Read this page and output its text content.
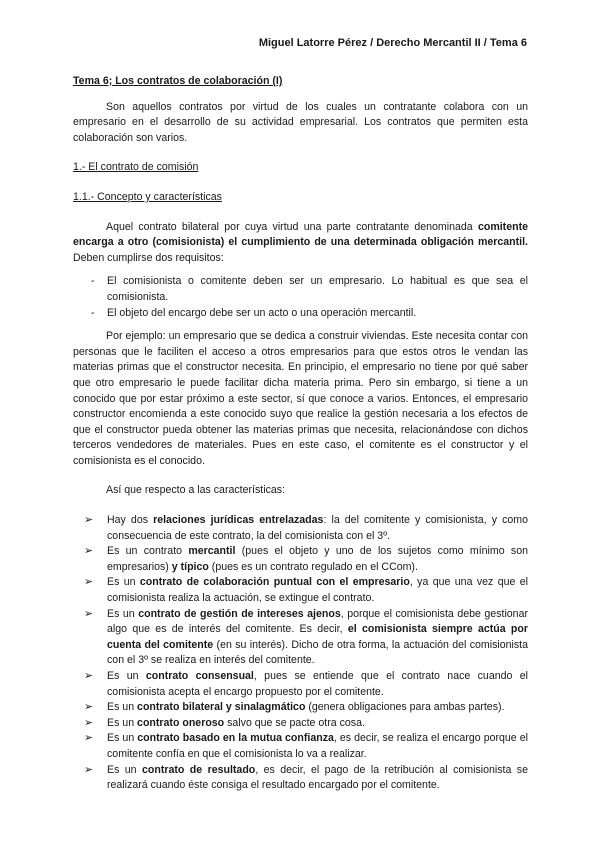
Miguel Latorre Pérez / Derecho Mercantil II / Tema 6

Tema 6; Los contratos de colaboración (I)

Son aquellos contratos por virtud de los cuales un contratante colabora con un empresario en el desarrollo de su actividad empresarial. Los contratos que permiten esta colaboración son varios.

1.- El contrato de comisión

1.1.- Concepto y características

Aquel contrato bilateral por cuya virtud una parte contratante denominada comitente encarga a otro (comisionista) el cumplimiento de una determinada obligación mercantil. Deben cumplirse dos requisitos:

- El comisionista o comitente deben ser un empresario. Lo habitual es que sea el comisionista.
- El objeto del encargo debe ser un acto o una operación mercantil.

Por ejemplo: un empresario que se dedica a construir viviendas. Este necesita contar con personas que le faciliten el acceso a otros empresarios para que estos otros le vendan las materias primas que el constructor necesita. En principio, el empresario no tiene por qué saber que otro empresario le puede facilitar dicha materia prima. Pero sin embargo, si tiene a un conocido que por estar próximo a este sector, sí que conoce a varios. Entonces, el empresario constructor encomienda a este conocido suyo que realice la gestión necesaria a los efectos de que el constructor pueda obtener las materias primas que necesita, relacionándose con dichos terceros vendedores de materiales. Pues en este caso, el comitente es el constructor y el comisionista es el conocido.

Así que respecto a las características:

➢ Hay dos relaciones jurídicas entrelazadas: la del comitente y comisionista, y como consecuencia de este contrato, la del comisionista con el 3º.
➢ Es un contrato mercantil (pues el objeto y uno de los sujetos como mínimo son empresarios) y típico (pues es un contrato regulado en el CCom).
➢ Es un contrato de colaboración puntual con el empresario, ya que una vez que el comisionista realiza la actuación, se extingue el contrato.
➢ Es un contrato de gestión de intereses ajenos, porque el comisionista debe gestionar algo que es de interés del comitente. Es decir, el comisionista siempre actúa por cuenta del comitente (en su interés). Dicho de otra forma, la actuación del comisionista con el 3º se realiza en interés del comitente.
➢ Es un contrato consensual, pues se entiende que el contrato nace cuando el comisionista acepta el encargo propuesto por el comitente.
➢ Es un contrato bilateral y sinalagmático (genera obligaciones para ambas partes).
➢ Es un contrato oneroso salvo que se pacte otra cosa.
➢ Es un contrato basado en la mutua confianza, es decir, se realiza el encargo porque el comitente confía en que el comisionista lo va a realizar.
➢ Es un contrato de resultado, es decir, el pago de la retribución al comisionista se realizará cuando éste consiga el resultado encargado por el comitente.
